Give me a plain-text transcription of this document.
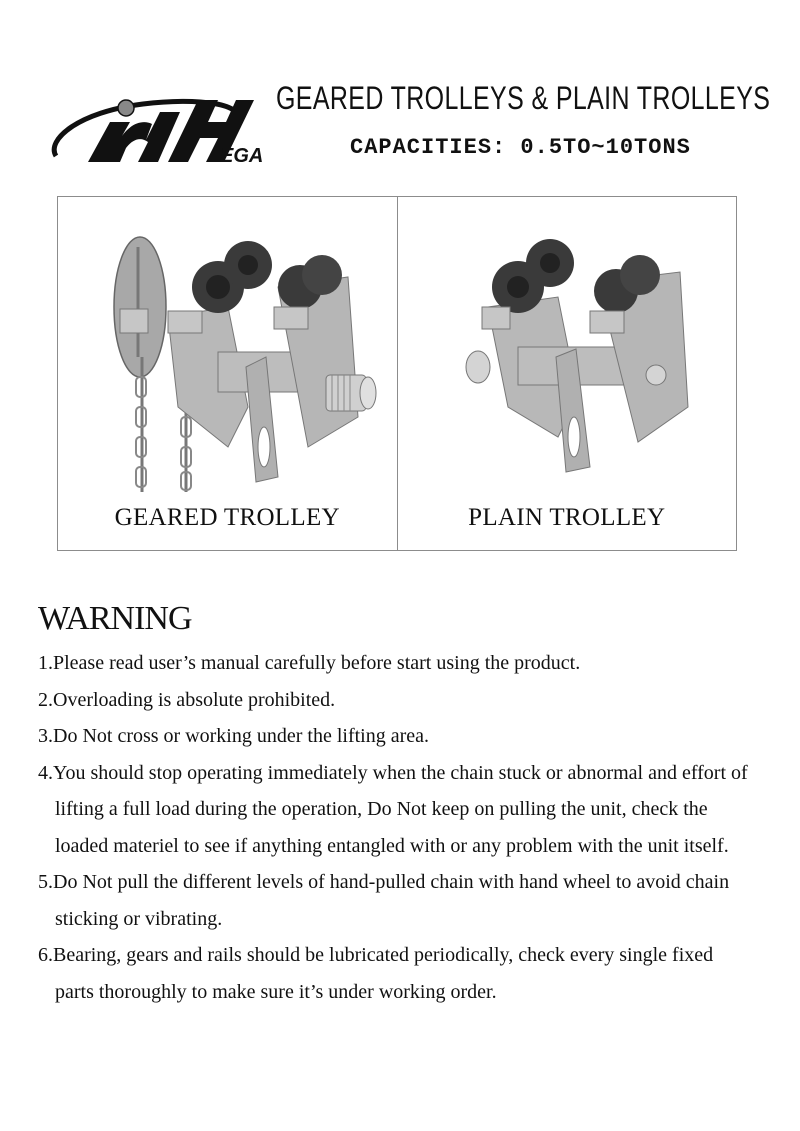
EGA
GEARED TROLLEYS & PLAIN TROLLEYS
CAPACITIES: 0.5TO~10TONS
GEARED TROLLEY	PLAIN TROLLEY
WARNING
1.Please read user’s manual carefully before start using the product.
2.Overloading is absolute prohibited.
3.Do Not cross or working under the lifting area.
4.You should stop operating immediately when the chain stuck or abnormal and effort of lifting a full load during the operation, Do Not keep on pulling the unit, check the loaded materiel to see if anything entangled with or any problem with the unit itself.
5.Do Not pull the different levels of hand-pulled chain with hand wheel to avoid chain sticking or vibrating.
6.Bearing, gears and rails should be lubricated periodically, check every single fixed parts thoroughly to make sure it’s under working order.
